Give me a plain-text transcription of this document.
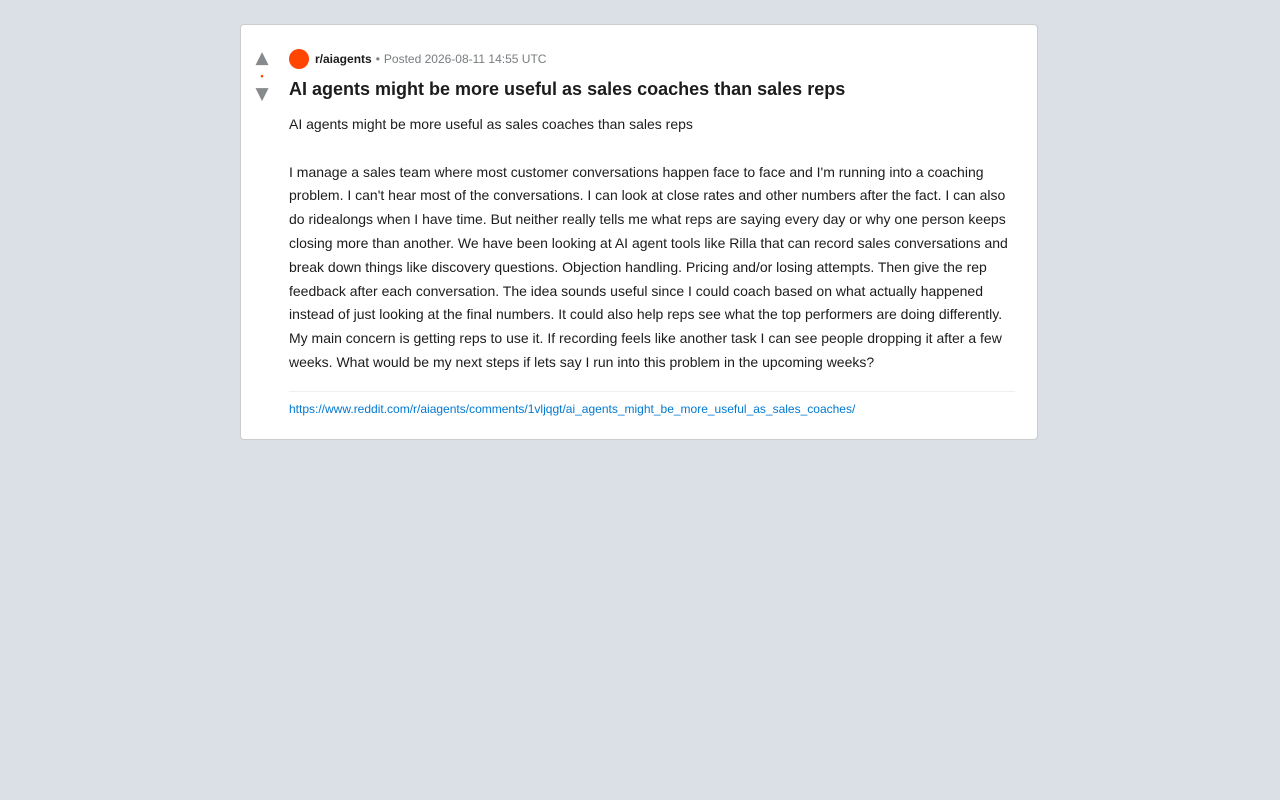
▲
•
▼
r/aiagents • Posted 2026-08-11 14:55 UTC
AI agents might be more useful as sales coaches than sales reps

AI agents might be more useful as sales coaches than sales reps

I manage a sales team where most customer conversations happen face to face and I'm running into a coaching problem. I can't hear most of the conversations. I can look at close rates and other numbers after the fact. I can also do ridealongs when I have time. But neither really tells me what reps are saying every day or why one person keeps closing more than another. We have been looking at AI agent tools like Rilla that can record sales conversations and break down things like discovery questions. Objection handling. Pricing and/or losing attempts. Then give the rep feedback after each conversation. The idea sounds useful since I could coach based on what actually happened instead of just looking at the final numbers. It could also help reps see what the top performers are doing differently. My main concern is getting reps to use it. If recording feels like another task I can see people dropping it after a few weeks. What would be my next steps if lets say I run into this problem in the upcoming weeks?

https://www.reddit.com/r/aiagents/comments/1vljqgt/ai_agents_might_be_more_useful_as_sales_coaches/
